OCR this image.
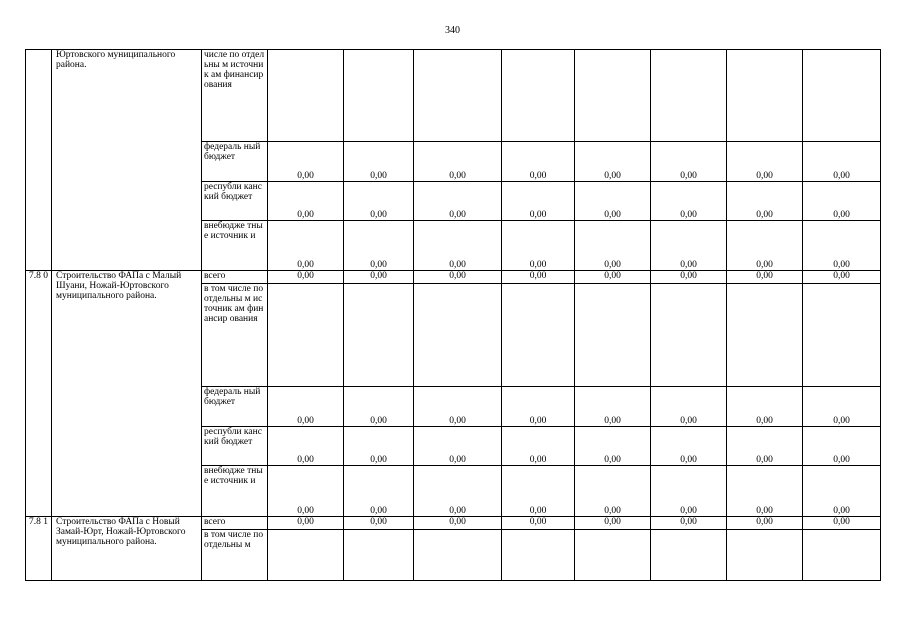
340
	Юртовского муниципального района.	числе по отдельны м источник ам финансир ования								
		федераль ный бюджет	0,00	0,00	0,00	0,00	0,00	0,00	0,00	0,00
		республи канский бюджет	0,00	0,00	0,00	0,00	0,00	0,00	0,00	0,00
		внебюдже тные источник и	0,00	0,00	0,00	0,00	0,00	0,00	0,00	0,00
7.8 0	Строительство ФАПа с Малый Шуани, Ножай-Юртовского муниципального района.	всего	0,00	0,00	0,00	0,00	0,00	0,00	0,00	0,00
		в том числе по отдельны м источник ам финансир ования								
		федераль ный бюджет	0,00	0,00	0,00	0,00	0,00	0,00	0,00	0,00
		республи канский бюджет	0,00	0,00	0,00	0,00	0,00	0,00	0,00	0,00
		внебюдже тные источник и	0,00	0,00	0,00	0,00	0,00	0,00	0,00	0,00
7.8 1	Строительство ФАПа с Новый Замай-Юрт, Ножай-Юртовского муниципального района.	всего	0,00	0,00	0,00	0,00	0,00	0,00	0,00	0,00
		в том числе по отдельны м								
